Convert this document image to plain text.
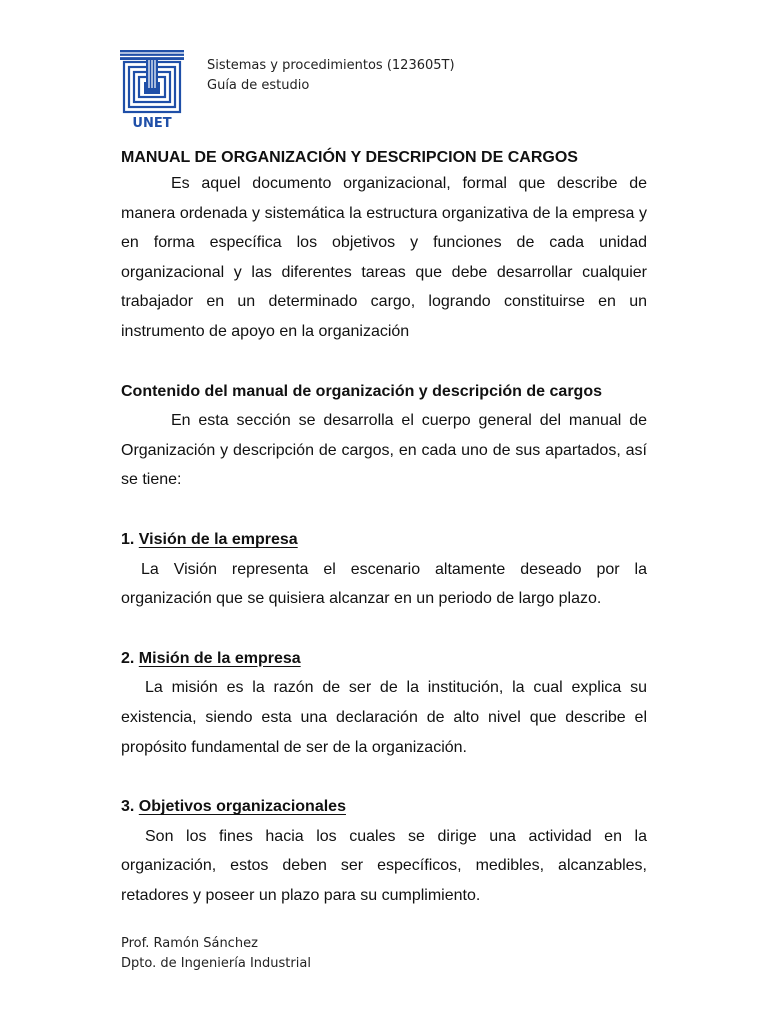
UNET
Sistemas y procedimientos (123605T)
Guía de estudio
MANUAL DE ORGANIZACIÓN Y DESCRIPCION DE CARGOS

Es aquel documento organizacional, formal que describe de manera ordenada y sistemática la estructura organizativa de la empresa y en forma específica los objetivos y funciones de cada unidad organizacional y las diferentes tareas que debe desarrollar cualquier trabajador en un determinado cargo, logrando constituirse en un instrumento de apoyo en la organización

Contenido del manual de organización y descripción de cargos

En esta sección se desarrolla el cuerpo general del manual de Organización y descripción de cargos, en cada uno de sus apartados, así se tiene:

1. Visión de la empresa

La Visión representa el escenario altamente deseado por la organización que se quisiera alcanzar en un periodo de largo plazo.

2. Misión de la empresa

La misión es la razón de ser de la institución, la cual explica su existencia, siendo esta una declaración de alto nivel que describe el propósito fundamental de ser de la organización.

3. Objetivos organizacionales

Son los fines hacia los cuales se dirige una actividad en la organización, estos deben ser específicos, medibles, alcanzables, retadores y poseer un plazo para su cumplimiento.

Prof. Ramón Sánchez
Dpto. de Ingeniería Industrial
